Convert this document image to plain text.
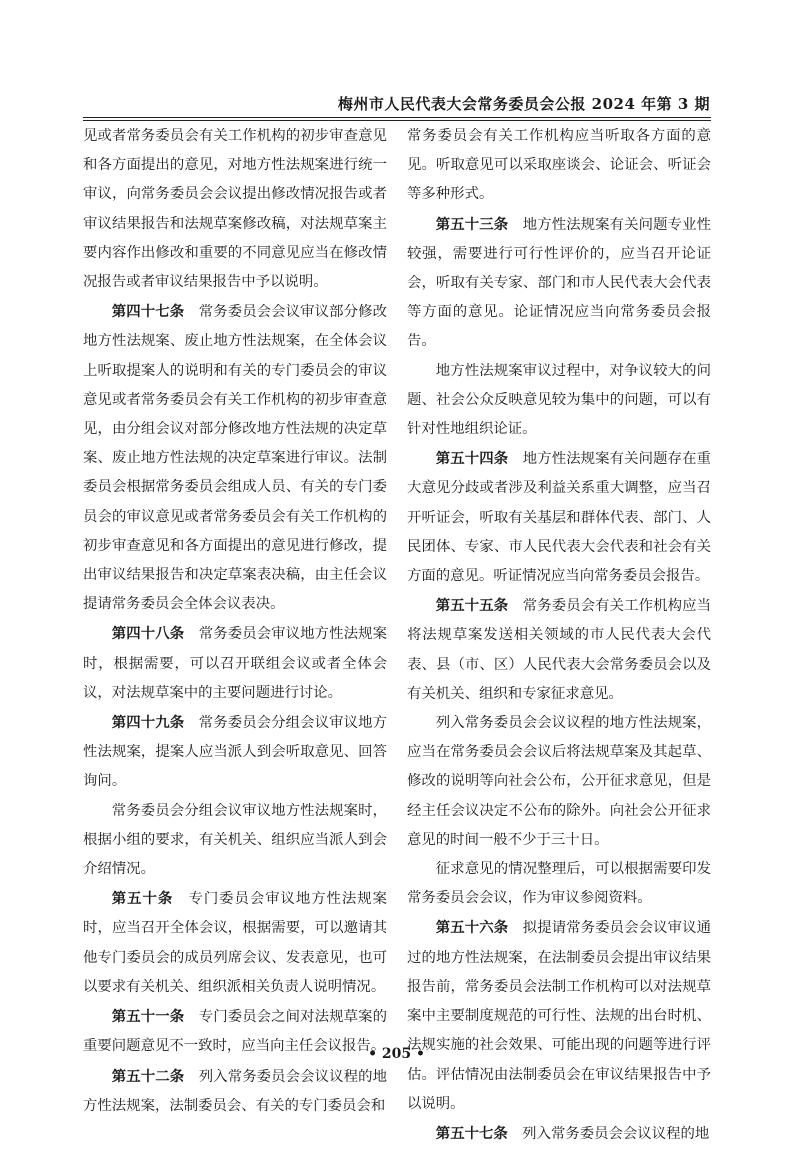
梅州市人民代表大会常务委员会公报 2024 年第 3 期

见或者常务委员会有关工作机构的初步审查意见和各方面提出的意见，对地方性法规案进行统一审议，向常务委员会会议提出修改情况报告或者审议结果报告和法规草案修改稿，对法规草案主要内容作出修改和重要的不同意见应当在修改情况报告或者审议结果报告中予以说明。

第四十七条　 常务委员会会议审议部分修改地方性法规案、废止地方性法规案，在全体会议上听取提案人的说明和有关的专门委员会的审议意见或者常务委员会有关工作机构的初步审查意见，由分组会议对部分修改地方性法规的决定草案、废止地方性法规的决定草案进行审议。法制委员会根据常务委员会组成人员、有关的专门委员会的审议意见或者常务委员会有关工作机构的初步审查意见和各方面提出的意见进行修改，提出审议结果报告和决定草案表决稿，由主任会议提请常务委员会全体会议表决。

第四十八条　 常务委员会审议地方性法规案时，根据需要，可以召开联组会议或者全体会议，对法规草案中的主要问题进行讨论。

第四十九条　 常务委员会分组会议审议地方性法规案，提案人应当派人到会听取意见、回答询问。

常务委员会分组会议审议地方性法规案时，根据小组的要求，有关机关、组织应当派人到会介绍情况。

第五十条　 专门委员会审议地方性法规案时，应当召开全体会议，根据需要，可以邀请其他专门委员会的成员列席会议、发表意见，也可以要求有关机关、组织派相关负责人说明情况。

第五十一条　 专门委员会之间对法规草案的重要问题意见不一致时，应当向主任会议报告。

第五十二条　 列入常务委员会会议议程的地方性法规案，法制委员会、有关的专门委员会和

常务委员会有关工作机构应当听取各方面的意见。听取意见可以采取座谈会、论证会、听证会等多种形式。

第五十三条　 地方性法规案有关问题专业性较强，需要进行可行性评价的，应当召开论证会，听取有关专家、部门和市人民代表大会代表等方面的意见。论证情况应当向常务委员会报告。

地方性法规案审议过程中，对争议较大的问题、社会公众反映意见较为集中的问题，可以有针对性地组织论证。

第五十四条　 地方性法规案有关问题存在重大意见分歧或者涉及利益关系重大调整，应当召开听证会，听取有关基层和群体代表、部门、人民团体、专家、市人民代表大会代表和社会有关方面的意见。听证情况应当向常务委员会报告。

第五十五条　 常务委员会有关工作机构应当将法规草案发送相关领域的市人民代表大会代表、县（市、区）人民代表大会常务委员会以及有关机关、组织和专家征求意见。

列入常务委员会会议议程的地方性法规案，应当在常务委员会会议后将法规草案及其起草、修改的说明等向社会公布，公开征求意见，但是经主任会议决定不公布的除外。向社会公开征求意见的时间一般不少于三十日。

征求意见的情况整理后，可以根据需要印发常务委员会会议，作为审议参阅资料。

第五十六条　 拟提请常务委员会会议审议通过的地方性法规案，在法制委员会提出审议结果报告前，常务委员会法制工作机构可以对法规草案中主要制度规范的可行性、法规的出台时机、法规实施的社会效果、可能出现的问题等进行评估。评估情况由法制委员会在审议结果报告中予以说明。

第五十七条　 列入常务委员会会议议程的地

• 205 •
